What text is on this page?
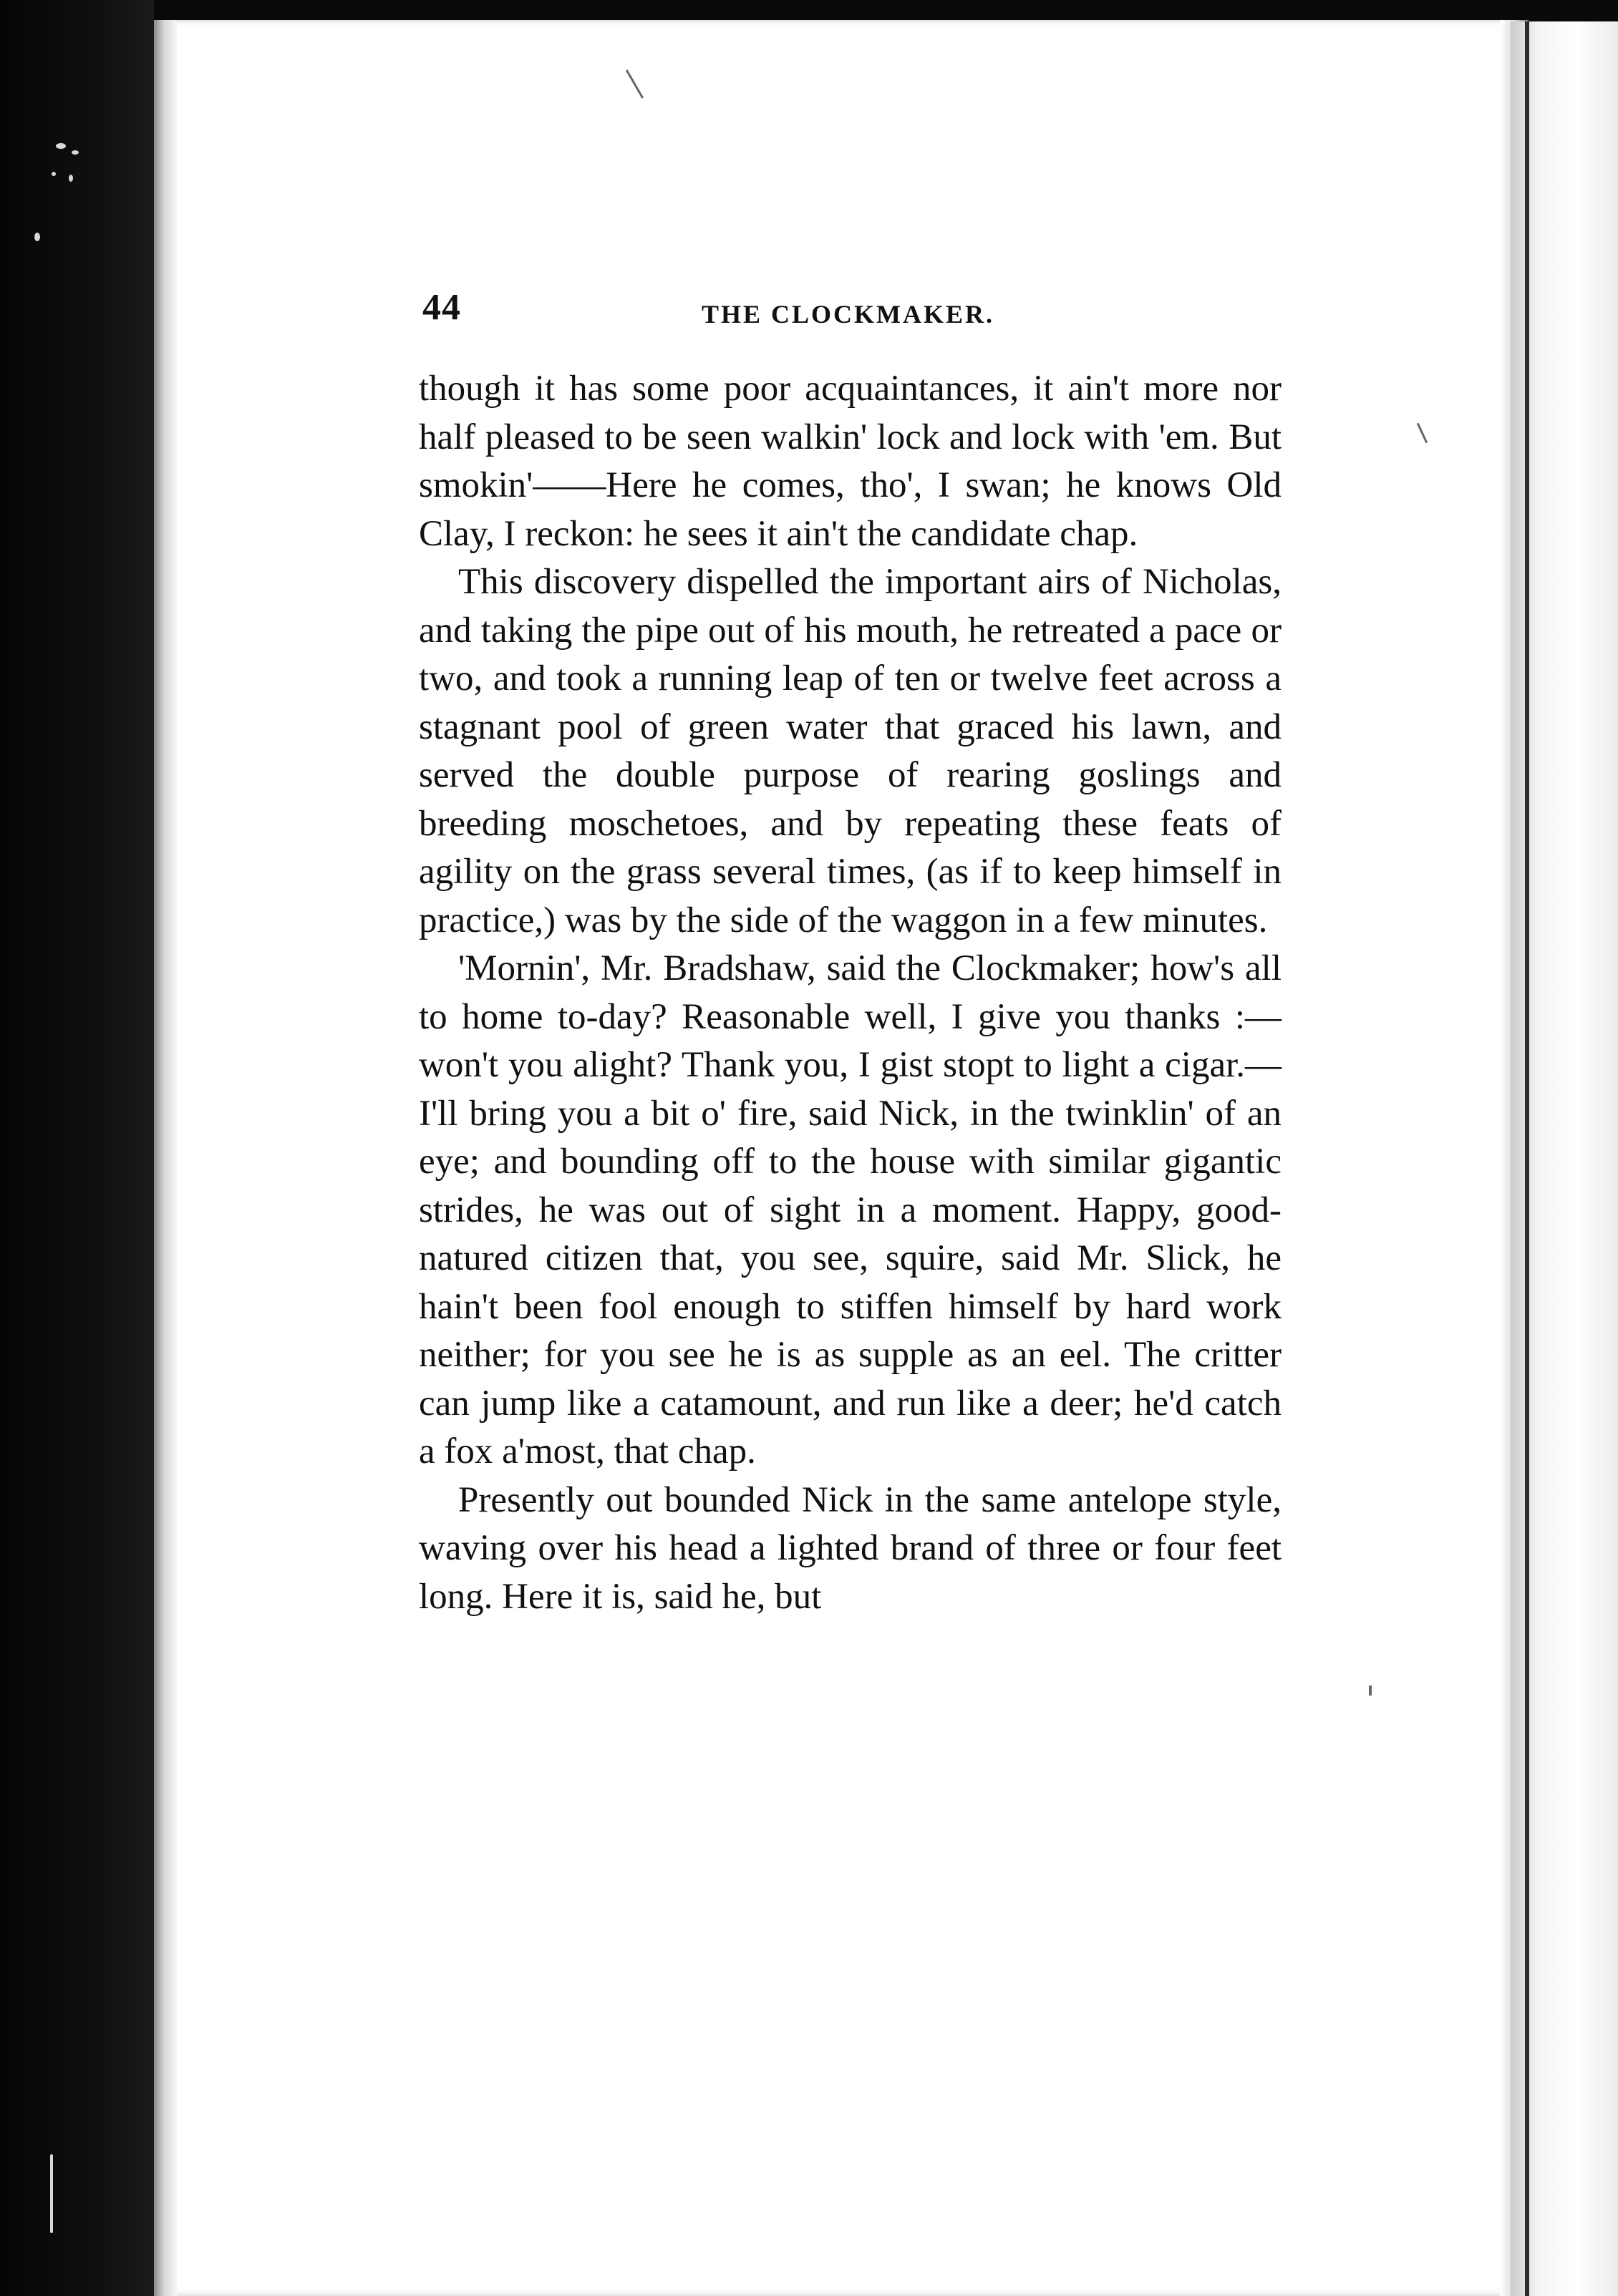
44	THE CLOCKMAKER.

though it has some poor acquaintances, it ain't more nor half pleased to be seen walkin' lock and lock with 'em. But smokin'——Here he comes, tho', I swan; he knows Old Clay, I reckon: he sees it ain't the candidate chap.

This discovery dispelled the important airs of Nicholas, and taking the pipe out of his mouth, he retreated a pace or two, and took a running leap of ten or twelve feet across a stagnant pool of green water that graced his lawn, and served the double purpose of rearing goslings and breeding moschetoes, and by repeating these feats of agility on the grass several times, (as if to keep himself in practice,) was by the side of the waggon in a few minutes.

'Mornin', Mr. Bradshaw, said the Clockmaker; how's all to home to-day? Reasonable well, I give you thanks :—won't you alight? Thank you, I gist stopt to light a cigar.—I'll bring you a bit o' fire, said Nick, in the twinklin' of an eye; and bounding off to the house with similar gigantic strides, he was out of sight in a moment. Happy, good-natured citizen that, you see, squire, said Mr. Slick, he hain't been fool enough to stiffen himself by hard work neither; for you see he is as supple as an eel. The critter can jump like a catamount, and run like a deer; he'd catch a fox a'most, that chap.

Presently out bounded Nick in the same antelope style, waving over his head a lighted brand of three or four feet long. Here it is, said he, but
